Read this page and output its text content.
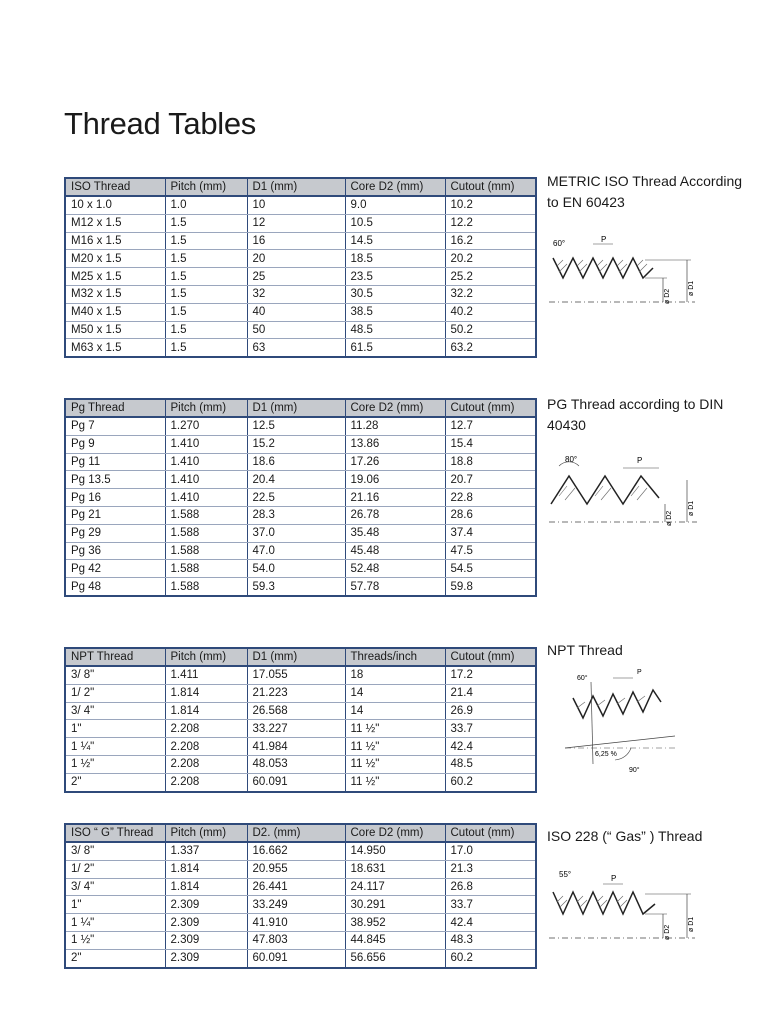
Thread Tables
ISO Thread	Pitch (mm)	D1 (mm)	Core D2 (mm)	Cutout (mm)
10 x 1.0	1.0	10	9.0	10.2
M12 x 1.5	1.5	12	10.5	12.2
M16 x 1.5	1.5	16	14.5	16.2
M20 x 1.5	1.5	20	18.5	20.2
M25 x 1.5	1.5	25	23.5	25.2
M32 x 1.5	1.5	32	30.5	32.2
M40 x 1.5	1.5	40	38.5	40.2
M50 x 1.5	1.5	50	48.5	50.2
M63 x 1.5	1.5	63	61.5	63.2
METRIC ISO Thread According to EN 60423
60°	P
ø D2
ø D1
Pg Thread	Pitch (mm)	D1 (mm)	Core D2 (mm)	Cutout (mm)
Pg 7	1.270	12.5	11.28	12.7
Pg 9	1.410	15.2	13.86	15.4
Pg 11	1.410	18.6	17.26	18.8
Pg 13.5	1.410	20.4	19.06	20.7
Pg 16	1.410	22.5	21.16	22.8
Pg 21	1.588	28.3	26.78	28.6
Pg 29	1.588	37.0	35.48	37.4
Pg 36	1.588	47.0	45.48	47.5
Pg 42	1.588	54.0	52.48	54.5
Pg 48	1.588	59.3	57.78	59.8
PG Thread according to DIN 40430
80°	P
ø D2
ø D1
NPT Thread	Pitch (mm)	D1 (mm)	Threads/inch	Cutout (mm)
3/ 8"	1.411	17.055	18	17.2
1/ 2"	1.814	21.223	14	21.4
3/ 4"	1.814	26.568	14	26.9
1"	2.208	33.227	11 ½"	33.7
1 ¼"	2.208	41.984	11 ½"	42.4
1 ½"	2.208	48.053	11 ½"	48.5
2"	2.208	60.091	11 ½"	60.2
NPT Thread
60°
P
6,25 %
90°
ISO “ G” Thread	Pitch (mm)	D2. (mm)	Core D2 (mm)	Cutout (mm)
3/ 8"	1.337	16.662	14.950	17.0
1/ 2"	1.814	20.955	18.631	21.3
3/ 4"	1.814	26.441	24.117	26.8
1"	2.309	33.249	30.291	33.7
1 ¼"	2.309	41.910	38.952	42.4
1 ½"	2.309	47.803	44.845	48.3
2"	2.309	60.091	56.656	60.2
ISO 228 (“ Gas” ) Thread
55°	P
ø D2
ø D1
